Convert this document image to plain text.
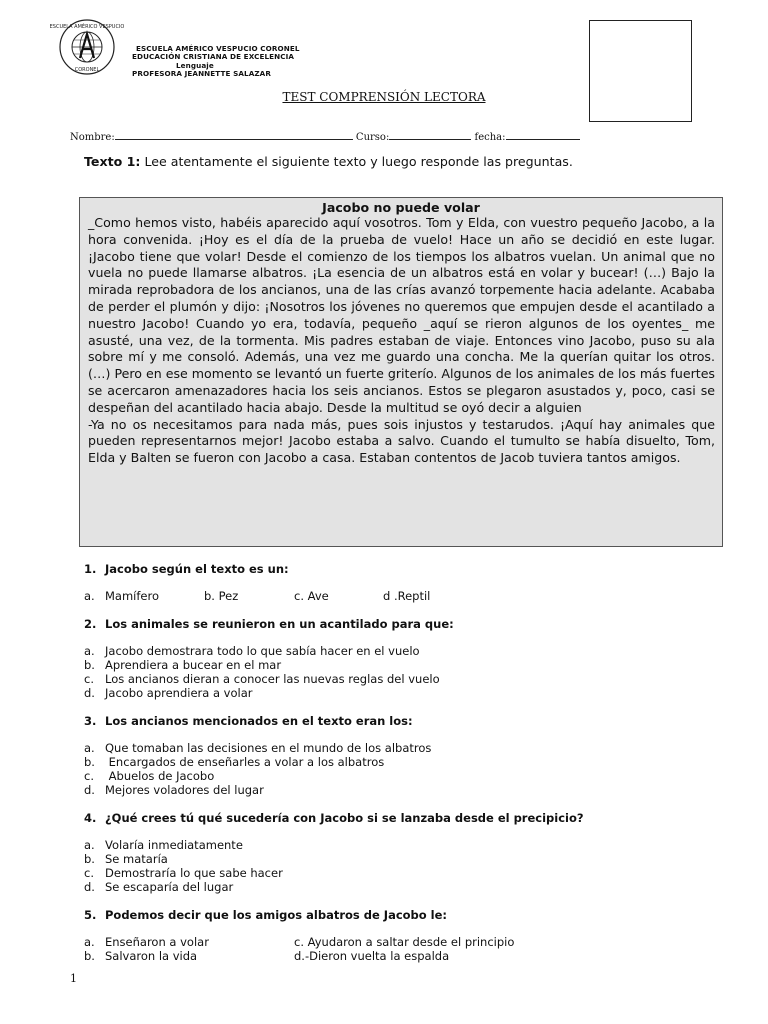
ESCUELA AMÉRICO VESPUCIO
CORONEL
ESCUELA AMÉRICO VESPUCIO CORONEL
EDUCACIÓN CRISTIANA DE EXCELENCIA
Lenguaje
PROFESORA JEANNETTE SALAZAR
TEST COMPRENSIÓN LECTORA
Nombre:	Curso:	fecha:
Texto 1: Lee atentamente el siguiente texto y luego responde las preguntas.
Jacobo no puede volar

_Como hemos visto, habéis aparecido aquí vosotros. Tom y Elda, con vuestro pequeño Jacobo, a la hora convenida. ¡Hoy es el día de la prueba de vuelo! Hace un año se decidió en este lugar. ¡Jacobo tiene que volar! Desde el comienzo de los tiempos los albatros vuelan. Un animal que no vuela no puede llamarse albatros. ¡La esencia de un albatros está en volar y bucear! (…) Bajo la mirada reprobadora de los ancianos, una de las crías avanzó torpemente hacia adelante. Acababa de perder el plumón y dijo: ¡Nosotros los jóvenes no queremos que empujen desde el acantilado a nuestro Jacobo! Cuando yo era, todavía, pequeño _aquí se rieron algunos de los oyentes_ me asusté, una vez, de la tormenta. Mis padres estaban de viaje. Entonces vino Jacobo, puso su ala sobre mí y me consoló. Además, una vez me guardo una concha. Me la querían quitar los otros. (…) Pero en ese momento se levantó un fuerte griterío. Algunos de los animales de los más fuertes se acercaron amenazadores hacia los seis ancianos. Estos se plegaron asustados y, poco, casi se despeñan del acantilado hacia abajo. Desde la multitud se oyó decir a alguien

-Ya no os necesitamos para nada más, pues sois injustos y testarudos. ¡Aquí hay animales que pueden representarnos mejor! Jacobo estaba a salvo. Cuando el tumulto se había disuelto, Tom, Elda y Balten se fueron con Jacobo a casa. Estaban contentos de Jacob tuviera tantos amigos.

1. Jacobo según el texto es un:
a. Mamífero	b. Pez	c. Ave	d .Reptil
2. Los animales se reunieron en un acantilado para que:
a. Jacobo demostrara todo lo que sabía hacer en el vuelo
b. Aprendiera a bucear en el mar
c. Los ancianos dieran a conocer las nuevas reglas del vuelo
d. Jacobo aprendiera a volar
3. Los ancianos mencionados en el texto eran los:
a. Que tomaban las decisiones en el mundo de los albatros
b. Encargados de enseñarles a volar a los albatros
c. Abuelos de Jacobo
d. Mejores voladores del lugar
4. ¿Qué crees tú qué sucedería con Jacobo si se lanzaba desde el precipicio?
a. Volaría inmediatamente
b. Se mataría
c. Demostraría lo que sabe hacer
d. Se escaparía del lugar
5. Podemos decir que los amigos albatros de Jacobo le:
a. Enseñaron a volar	c. Ayudaron a saltar desde el principio
b. Salvaron la vida	d.-Dieron vuelta la espalda
1
